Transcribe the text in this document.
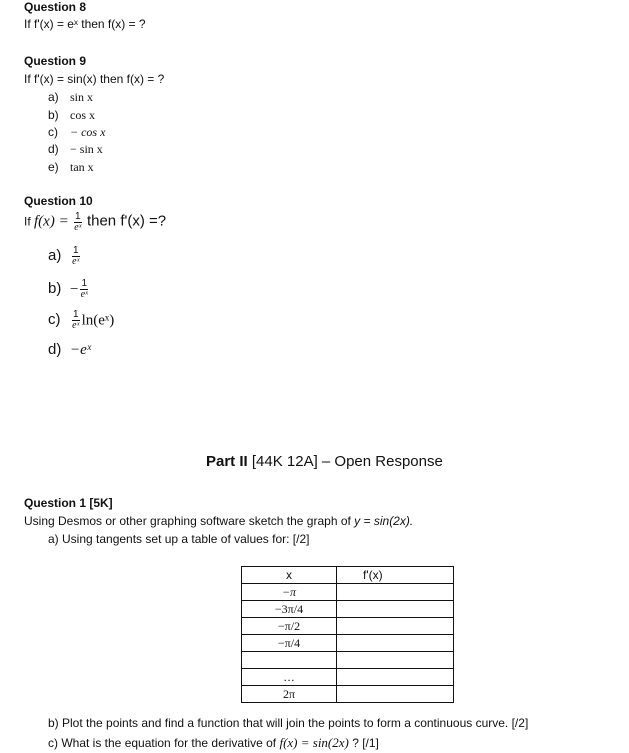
Question 8
If f'(x) = eˣ then f(x) = ?
Question 9
If f'(x) = sin(x) then f(x) = ?
a) sin x
b) cos x
c) − cos x
d) − sin x
e) tan x
Question 10
If $f(x) = \frac{1}{\text{eˣ}}$ then f'(x) =?
$a) \frac{1}{\text{eˣ}}$
$b) - \frac{1}{\text{eˣ}}$
$c) \frac{1}{\text{eˣ}}$ ln(eˣ)
d) −eˣ
Part II [44K 12A] – Open Response
Question 1 [5K]
Using Desmos or other graphing software sketch the graph of y = sin(2x).
a) Using tangents set up a table of values for: [/2]
x	f'(x)
−π	
−3π/4	
−π/2	
−π/4	

…	
2π	
b) Plot the points and find a function that will join the points to form a continuous curve. [/2]
c) What is the equation for the derivative of f(x) = sin(2x) ? [/1]
